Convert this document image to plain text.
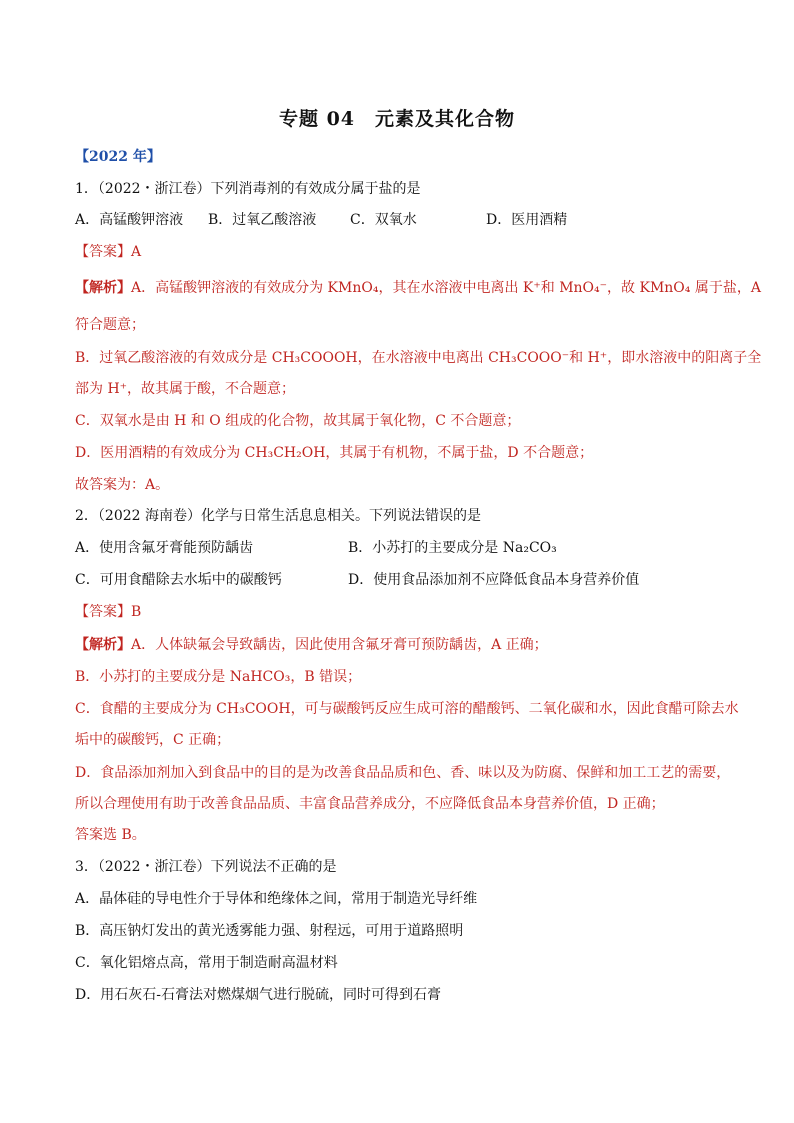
专题 04　元素及其化合物
【2022 年】
1．（2022・浙江卷）下列消毒剂的有效成分属于盐的是
A．高锰酸钾溶液 B．过氧乙酸溶液 C．双氧水	D．医用酒精
【答案】A
【解析】A．高锰酸钾溶液的有效成分为 KMnO₄，其在水溶液中电离出 K⁺和 MnO₄⁻，故 KMnO₄ 属于盐，A
符合题意；
B．过氧乙酸溶液的有效成分是 CH₃COOOH，在水溶液中电离出 CH₃COOO⁻和 H⁺，即水溶液中的阳离子全
部为 H⁺，故其属于酸，不合题意；
C．双氧水是由 H 和 O 组成的化合物，故其属于氧化物，C 不合题意；
D．医用酒精的有效成分为 CH₃CH₂OH，其属于有机物，不属于盐，D 不合题意；
故答案为：A。
2．（2022 海南卷）化学与日常生活息息相关。下列说法错误的是
A．使用含氟牙膏能预防龋齿	B．小苏打的主要成分是 Na₂CO₃
C．可用食醋除去水垢中的碳酸钙	D．使用食品添加剂不应降低食品本身营养价值
【答案】B
【解析】A．人体缺氟会导致龋齿，因此使用含氟牙膏可预防龋齿，A 正确；
B．小苏打的主要成分是 NaHCO₃，B 错误；
C．食醋的主要成分为 CH₃COOH，可与碳酸钙反应生成可溶的醋酸钙、二氧化碳和水，因此食醋可除去水
垢中的碳酸钙，C 正确；
D．食品添加剂加入到食品中的目的是为改善食品品质和色、香、味以及为防腐、保鲜和加工工艺的需要，
所以合理使用有助于改善食品品质、丰富食品营养成分，不应降低食品本身营养价值，D 正确；
答案选 B。
3．（2022・浙江卷）下列说法不正确的是
A．晶体硅的导电性介于导体和绝缘体之间，常用于制造光导纤维
B．高压钠灯发出的黄光透雾能力强、射程远，可用于道路照明
C．氧化铝熔点高，常用于制造耐高温材料
D．用石灰石-石膏法对燃煤烟气进行脱硫，同时可得到石膏
